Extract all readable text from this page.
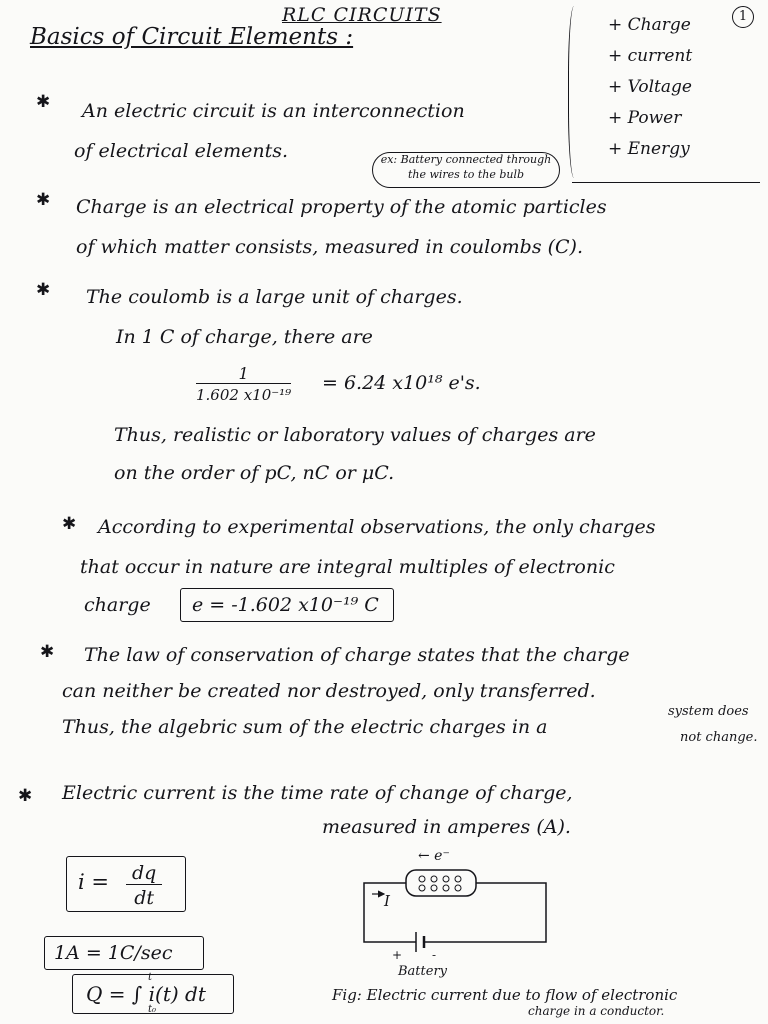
RLC CIRCUITS
Basics of Circuit Elements :
1
+ Charge
+ current
+ Voltage
+ Power
+ Energy
✱ An electric circuit is an interconnection
of electrical elements.	ex: Battery connected through the wires to the bulb
✱ Charge is an electrical property of the atomic particles
of which matter consists, measured in coulombs (C).
✱ The coulomb is a large unit of charges.
In 1 C of charge, there are
$\frac{1}{\text{1.602 x10⁻¹⁹}} = 6.24$ x10¹⁸ e's.
Thus, realistic or laboratory values of charges are
on the order of pC, nC or μC.
✱ According to experimental observations, the only charges
that occur in nature are integral multiples of electronic
charge e = -1.602 x10⁻¹⁹ C
✱ The law of conservation of charge states that the charge
can neither be created nor destroyed, only transferred.
Thus, the algebric sum of the electric charges in a
system does
not change.
✱ Electric current is the time rate of change of charge,
measured in amperes (A).
$i = \frac{dq}{dt}$
1A = 1C/sec
Q = ∫ i(t) dt
t
t₀
← e⁻
I
+ -
Battery
Fig: Electric current due to flow of electronic
charge in a conductor.
